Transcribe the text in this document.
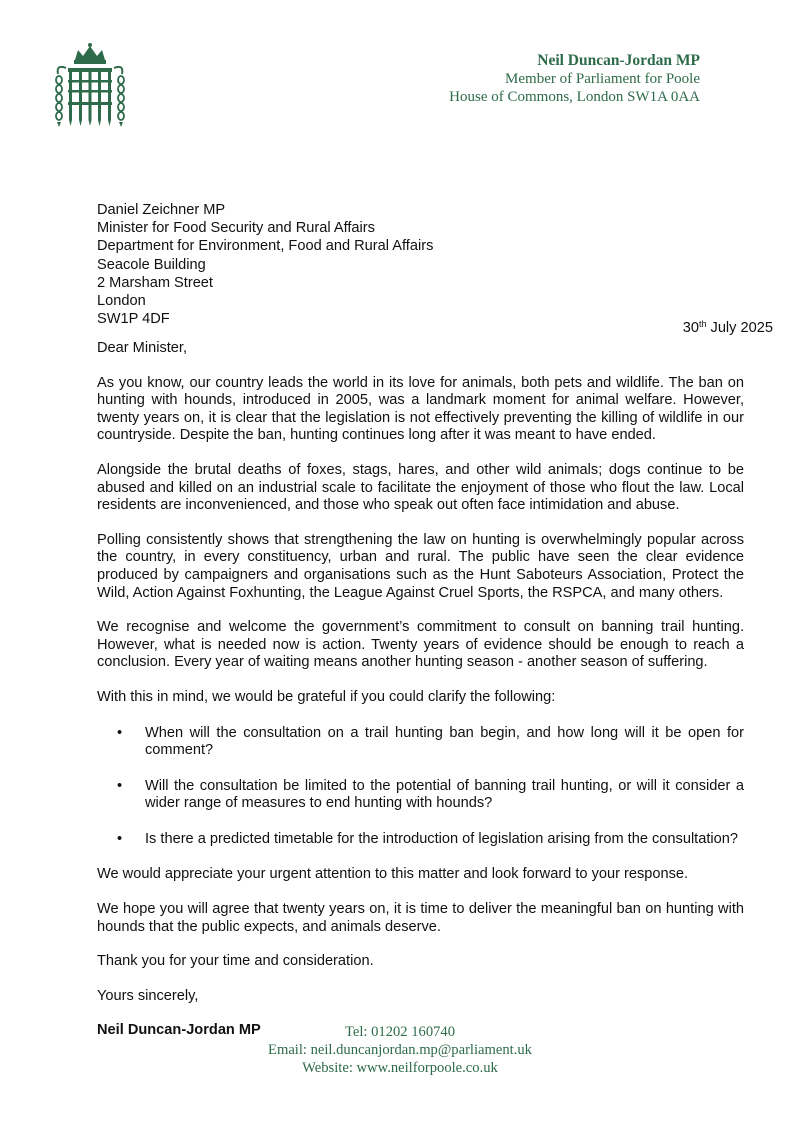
Neil Duncan-Jordan MP
Member of Parliament for Poole
House of Commons, London SW1A 0AA
Daniel Zeichner MP
Minister for Food Security and Rural Affairs
Department for Environment, Food and Rural Affairs
Seacole Building
2 Marsham Street
London
SW1P 4DF
30th July 2025

Dear Minister,

As you know, our country leads the world in its love for animals, both pets and wildlife. The ban on hunting with hounds, introduced in 2005, was a landmark moment for animal welfare. However, twenty years on, it is clear that the legislation is not effectively preventing the killing of wildlife in our countryside. Despite the ban, hunting continues long after it was meant to have ended.

Alongside the brutal deaths of foxes, stags, hares, and other wild animals; dogs continue to be abused and killed on an industrial scale to facilitate the enjoyment of those who flout the law. Local residents are inconvenienced, and those who speak out often face intimidation and abuse.

Polling consistently shows that strengthening the law on hunting is overwhelmingly popular across the country, in every constituency, urban and rural. The public have seen the clear evidence produced by campaigners and organisations such as the Hunt Saboteurs Association, Protect the Wild, Action Against Foxhunting, the League Against Cruel Sports, the RSPCA, and many others.

We recognise and welcome the government’s commitment to consult on banning trail hunting. However, what is needed now is action. Twenty years of evidence should be enough to reach a conclusion. Every year of waiting means another hunting season - another season of suffering.

With this in mind, we would be grateful if you could clarify the following:

• When will the consultation on a trail hunting ban begin, and how long will it be open for comment?
• Will the consultation be limited to the potential of banning trail hunting, or will it consider a wider range of measures to end hunting with hounds?
• Is there a predicted timetable for the introduction of legislation arising from the consultation?

We would appreciate your urgent attention to this matter and look forward to your response.

We hope you will agree that twenty years on, it is time to deliver the meaningful ban on hunting with hounds that the public expects, and animals deserve.

Thank you for your time and consideration.

Yours sincerely,

Neil Duncan-Jordan MP	Tel: 01202 160740
Email: neil.duncanjordan.mp@parliament.uk
Website: www.neilforpoole.co.uk
